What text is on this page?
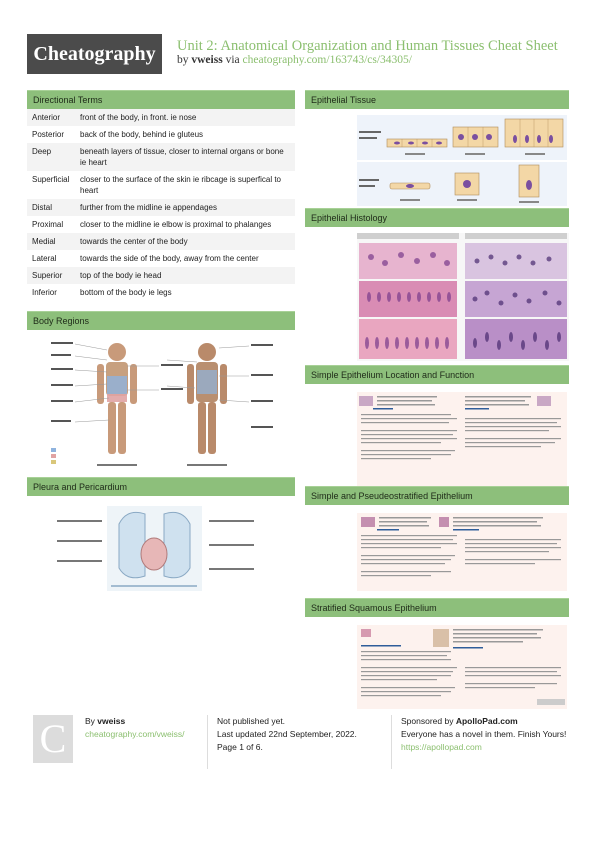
Cheatography	Unit 2: Anatomical Organization and Human Tissues Cheat Sheet
by vweiss via cheatography.com/163743/cs/34305/
Directional Terms
Anterior	front of the body, in front. ie nose
Posterior	back of the body, behind ie gluteus
Deep	beneath layers of tissue, closer to internal organs or bone ie heart
Superficial	closer to the surface of the skin ie ribcage is superfical to heart
Distal	further from the midline ie appendages
Proximal	closer to the midline ie elbow is proximal to phalanges
Medial	towards the center of the body
Lateral	towards the side of the body, away from the center
Superior	top of the body ie head
Inferior	bottom of the body ie legs
Body Regions
Pleura and Pericardium
Epithelial Tissue
Epithelial Histology
Simple Epithelium Location and Function
Simple and Pseudeostratified Epithelium
Stratified Squamous Epithelium
C	By vweiss
cheatography.com/vweiss/
Not published yet.
Last updated 22nd September, 2022.
Page 1 of 6.
Sponsored by ApolloPad.com
Everyone has a novel in them. Finish Yours!
https://apollopad.com
